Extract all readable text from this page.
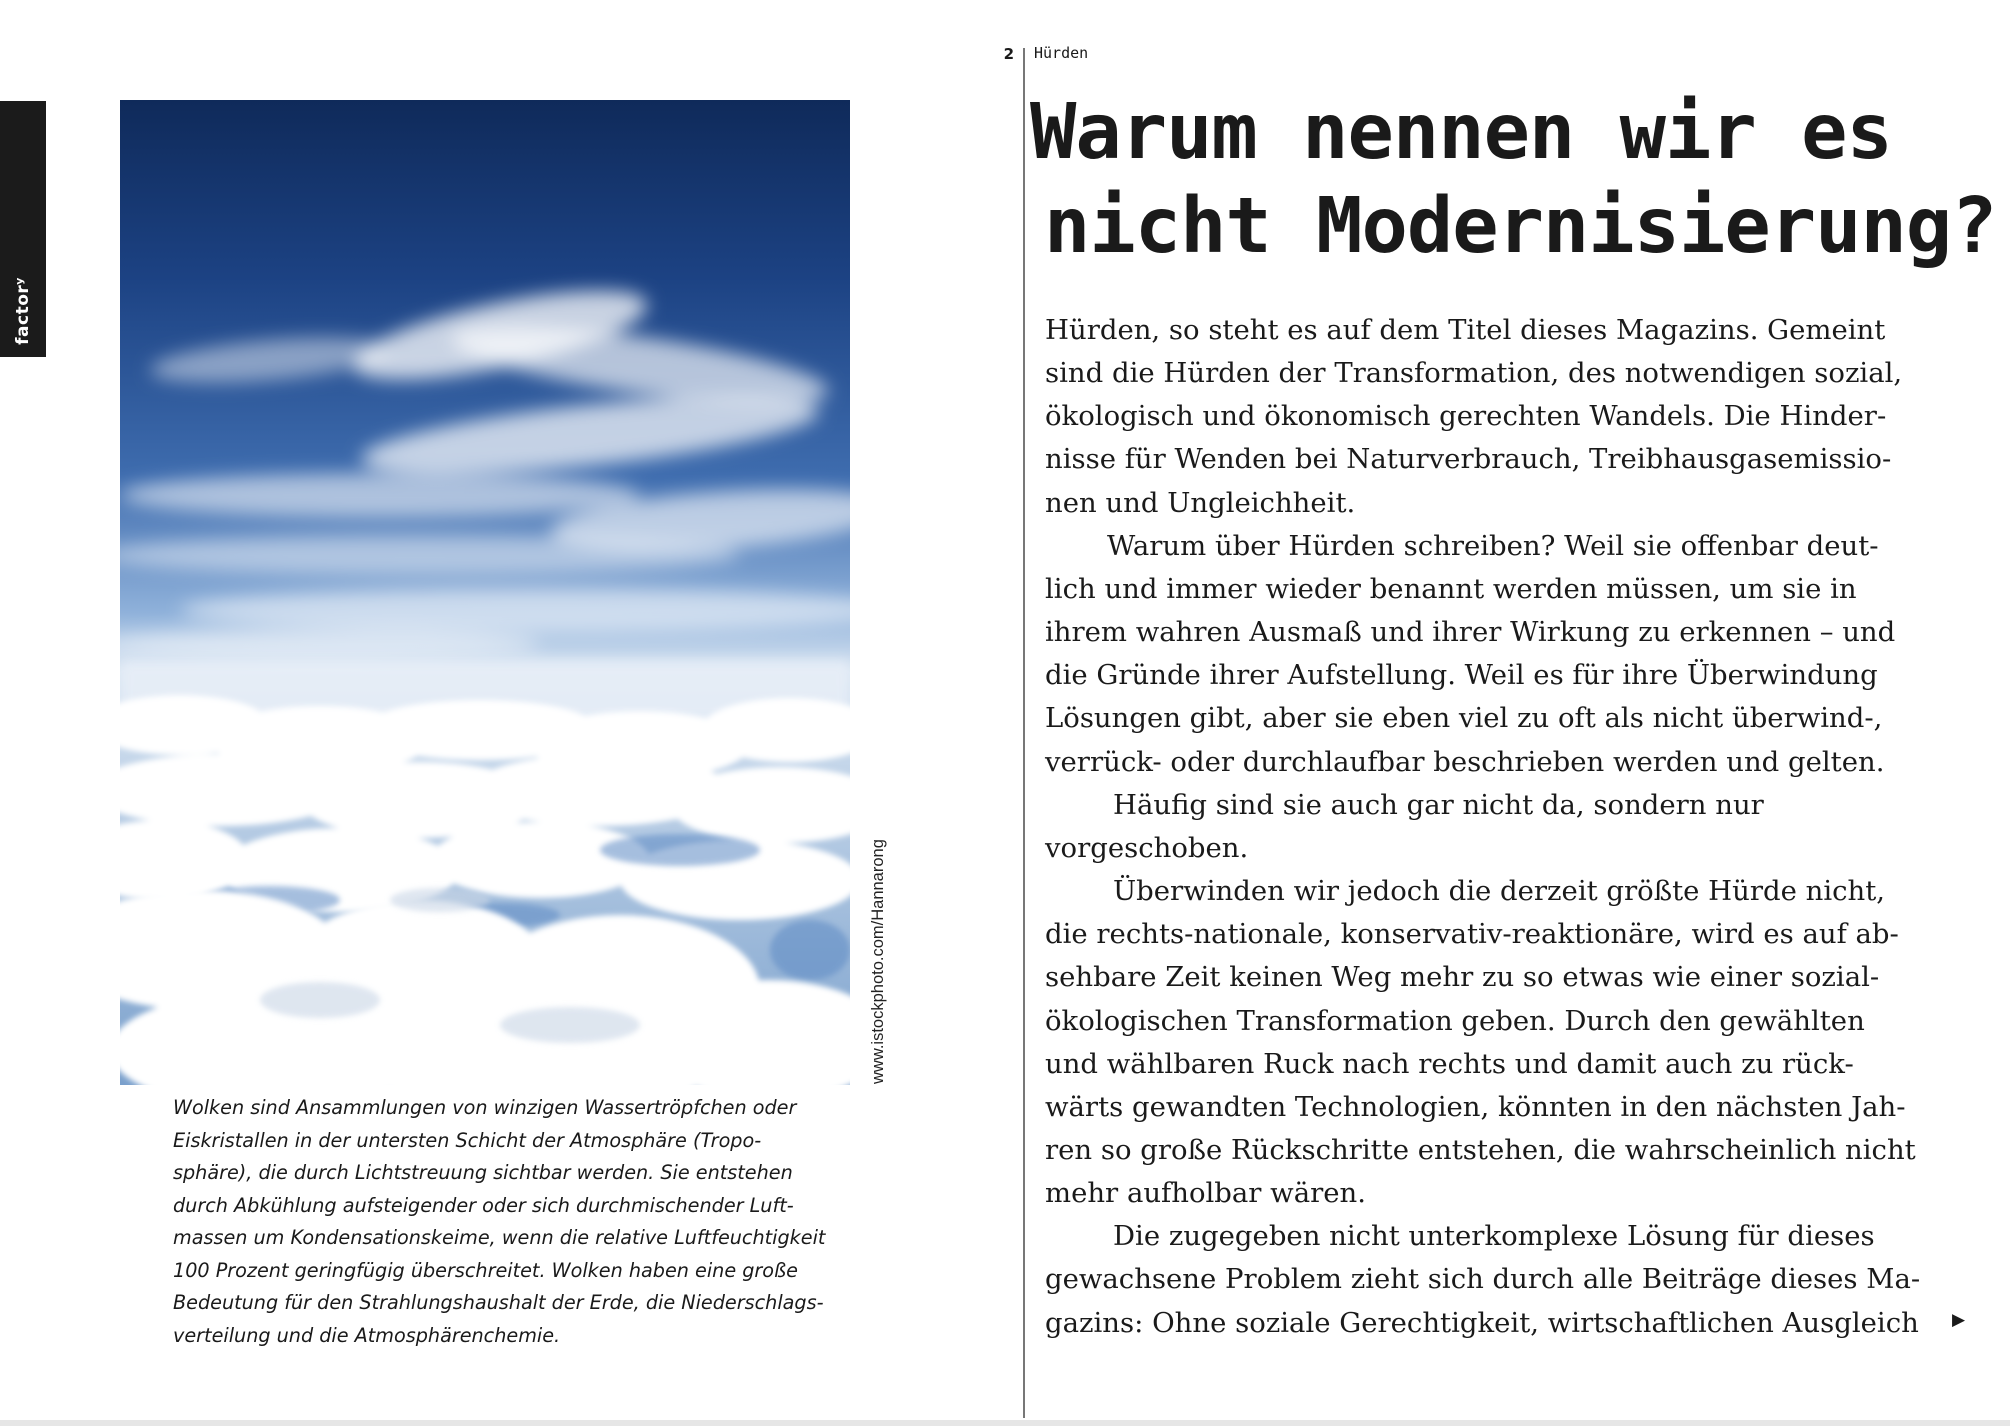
factorʸ
www.istockphoto.com/Hannarong
Wolken sind Ansammlungen von winzigen Wassertröpfchen oder
Eiskristallen in der untersten Schicht der Atmosphäre (Tropo-
sphäre), die durch Lichtstreuung sichtbar werden. Sie entstehen
durch Abkühlung aufsteigender oder sich durchmischender Luft-
massen um Kondensationskeime, wenn die relative Luftfeuchtigkeit
100 Prozent geringfügig überschreitet. Wolken haben eine große
Bedeutung für den Strahlungshaushalt der Erde, die Niederschlags-
verteilung und die Atmosphärenchemie.
2 Hürden
Warum nennen wir es
nicht Modernisierung?
Hürden, so steht es auf dem Titel dieses Magazins. Gemeint
sind die Hürden der Transformation, des notwendigen sozial,
ökologisch und ökonomisch gerechten Wandels. Die Hinder-
nisse für Wenden bei Naturverbrauch, Treibhausgasemissio-
nen und Ungleichheit.
Warum über Hürden schreiben? Weil sie offenbar deut-
lich und immer wieder benannt werden müssen, um sie in
ihrem wahren Ausmaß und ihrer Wirkung zu erkennen – und
die Gründe ihrer Aufstellung. Weil es für ihre Überwindung
Lösungen gibt, aber sie eben viel zu oft als nicht überwind-,
verrück- oder durchlaufbar beschrieben werden und gelten.
Häufig sind sie auch gar nicht da, sondern nur
vorgeschoben.
Überwinden wir jedoch die derzeit größte Hürde nicht,
die rechts-nationale, konservativ-reaktionäre, wird es auf ab-
sehbare Zeit keinen Weg mehr zu so etwas wie einer sozial-
ökologischen Transformation geben. Durch den gewählten
und wählbaren Ruck nach rechts und damit auch zu rück-
wärts gewandten Technologien, könnten in den nächsten Jah-
ren so große Rückschritte entstehen, die wahrscheinlich nicht
mehr aufholbar wären.
Die zugegeben nicht unterkomplexe Lösung für dieses
gewachsene Problem zieht sich durch alle Beiträge dieses Ma-
gazins: Ohne soziale Gerechtigkeit, wirtschaftlichen Ausgleich	▶
